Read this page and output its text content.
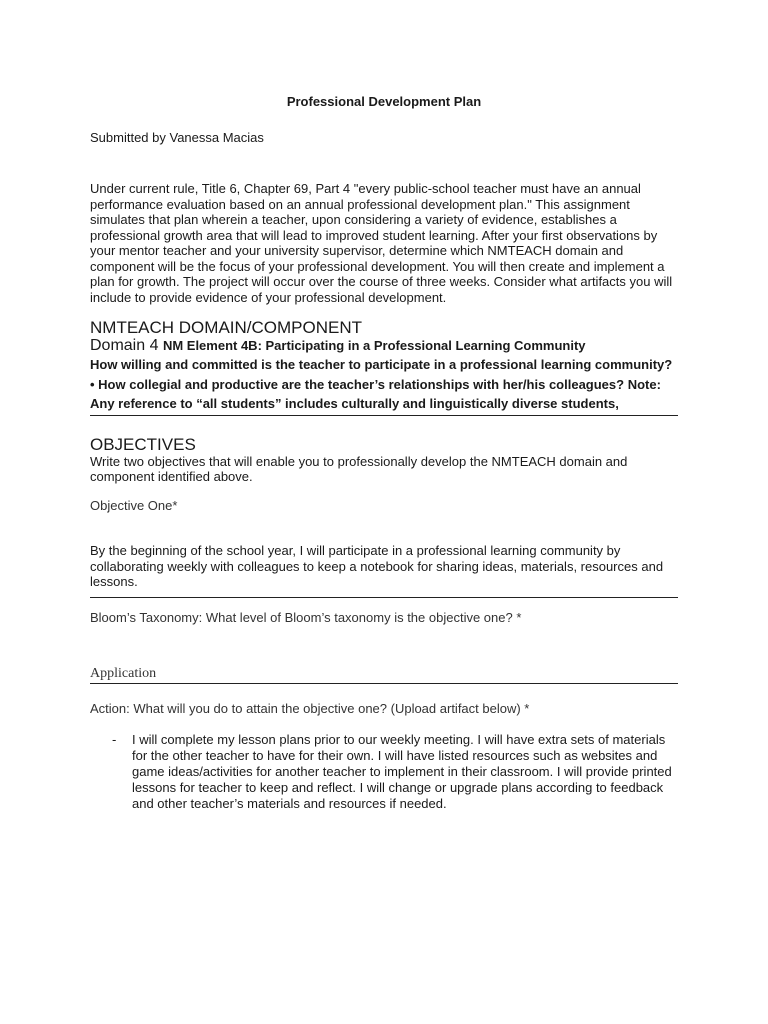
Professional Development Plan
Submitted by Vanessa Macias
Under current rule, Title 6, Chapter 69, Part 4 "every public-school teacher must have an annual performance evaluation based on an annual professional development plan." This assignment simulates that plan wherein a teacher, upon considering a variety of evidence, establishes a professional growth area that will lead to improved student learning. After your first observations by your mentor teacher and your university supervisor, determine which NMTEACH domain and component will be the focus of your professional development. You will then create and implement a plan for growth. The project will occur over the course of three weeks. Consider what artifacts you will include to provide evidence of your professional development.
NMTEACH DOMAIN/COMPONENT
Domain 4 NM Element 4B: Participating in a Professional Learning Community
How willing and committed is the teacher to participate in a professional learning community?
• How collegial and productive are the teacher’s relationships with her/his colleagues? Note:
Any reference to “all students” includes culturally and linguistically diverse students,
OBJECTIVES
Write two objectives that will enable you to professionally develop the NMTEACH domain and component identified above.
Objective One*
By the beginning of the school year, I will participate in a professional learning community by collaborating weekly with colleagues to keep a notebook for sharing ideas, materials, resources and lessons.
Bloom’s Taxonomy: What level of Bloom’s taxonomy is the objective one? *
Application
Action: What will you do to attain the objective one? (Upload artifact below) *
-	I will complete my lesson plans prior to our weekly meeting. I will have extra sets of materials for the other teacher to have for their own. I will have listed resources such as websites and game ideas/activities for another teacher to implement in their classroom. I will provide printed lessons for teacher to keep and reflect. I will change or upgrade plans according to feedback and other teacher’s materials and resources if needed.
